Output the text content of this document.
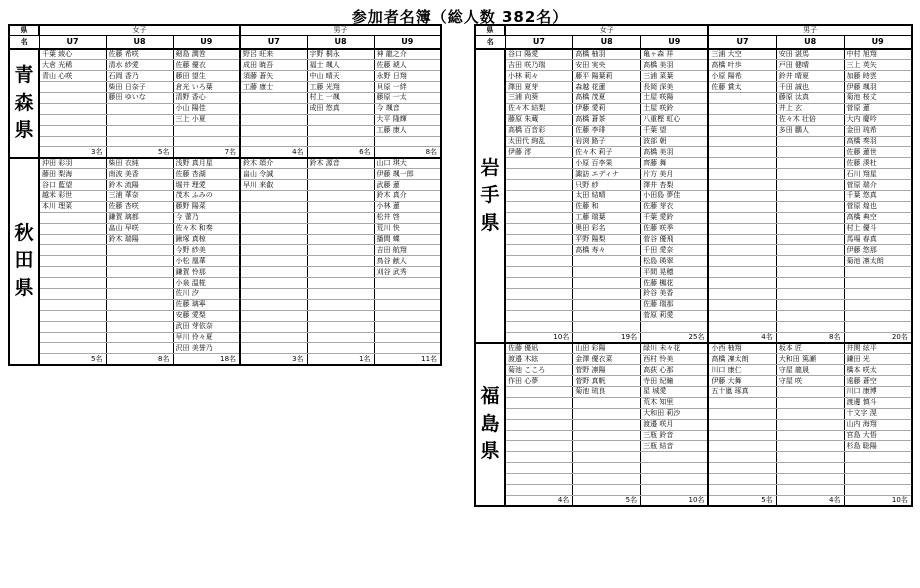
参加者名簿（総人数 382名）
県	女子			男子		
名	U7	U8	U9	U7	U8	U9
青森県	千葉 綾心	佐藤 希咲	剱島 潤巻	野呂 旺来	宇野 桐永	神 龍之介
	大倉 光稀	清水 紗愛	佐藤 優衣	成田 暁吾	福士 颯人	佐藤 琥人
	青山 心咲	石岡 香乃	藤田 望生	須藤 蒼矢	中山 晴天	永野 日翔
		柴田 日奈子	倉光 いろ葉	工藤 康士	工藤 光翔	貝原 一絆
		藤田 ゆいな	清野 香心		村上 一颯	藤原 一太
			小山 陽佳		成田 悠真	今 颯音
			三上 小夏			大平 隆輝
						工藤 康人

	3名	5名	7名	4名	6名	8名
秋田県	沖田 彩羽	柴田 衣純	浅野 真月星	鈴木 頌介	鈴木 源音	山口 琪大
	藤田 梨海	南波 美香	佐藤 杏湖	畠山 令誠		伊藤 颯一郎
	谷口 藍望	鈴木 流陽	堀井 理愛	早川 来叡		武藤 蓮
	越米 彩世	三浦 華奈	茂木 ふみの			鈴木 真介
	本川 理菜	佐藤 杏咲	藤野 陽菜			小林 蓮
		鎌賀 璃都	今 蕾乃			松井 啓
		畠山 早咲	佐々木 和奏			荒川 快
		鈴木 瑞陽	鍬塚 真椋			播間 蝶
			今野 紗美			吉田 航翔
			小松 凰華			鳥谷 献人
			鎌賀 怜那			刈谷 武秀
			小泉 温椛			
			佐川 汐			
			佐藤 璃寧			
			安藤 愛梨			
			武田 芽依奈			
			早川 伶々夏			
			沢田 美誉乃			
	5名	8名	18名	3名	1名	11名
県	女子			男子		
名	U7	U8	U9	U7	U8	U9
岩手県	谷口 陽愛	高橋 柚羽	亀ヶ森 祥	三浦 大空	安田 湛馬	中村 旭翔
	吉田 咲乃瑞	安田 実央	高橋 美羽	高橋 叶歩	戸田 健晴	三上 英矢
	小林 莉々	藤平 陽葉莉	三浦 菜葉	小原 陽希	鈴井 晴夏	加藤 時雲
	澤田 夏芽	森越 花蓮	長岡 深美	佐藤 賞太	千田 誠也	伊藤 颯羽
	三浦 向葵	高橋 茂夏	土屋 咲陽		藤原 汰真	菊池 桜丈
	佐々木 結梨	伊藤 愛莉	土屋 咲鈴		井上 玄	菅原 蓮
	藤原 朱蔵	高橋 蒼茶	八重樫 虹心		佐々木 壮倍	大内 慶吟
	高橋 百音彩	佐藤 李琲	千葉 望		多田 鵬人	金田 琉希
	太田代 絢乱	岩渕 路子	波部 朝			高橋 奏羽
	伊藤 澪	佐々木 莉子	高橋 美羽			佐藤 蓮世
		小原 百李果	齊藤 舞			佐藤 湊杜
		諏訪 エディナ	片方 美月			石川 翔星
		只野 紗	澤井 杏梨			菅原 瑞介
		太田 結晴	小田島 夢佳			千葉 悠真
		佐藤 和	佐藤 芽衣			菅原 煌也
		工藤 瑞葉	千葉 愛鈴			高橋 典空
		奥田 彩名	佐藤 咲季			村上 優斗
		平野 陽梨	菅谷 優飛			馬場 春真
		高橋 寿々	千田 愛奈			伊藤 悠那
			松島 瑛翠			菊池 凛太朗
			平間 晃穂			
			佐藤 楓花			
			鈴谷 美香			
			佐藤 瑞那			
			菅原 莉愛			

	10名	19名	25名	4名	8名	20名
福島県	佐藤 優凪	山田 彩陽	緑川 未々花	小西 柚翔	坂本 匠	井関 絃平
	渡邉 木絃	金澤 優衣菜	西村 怜美	高橋 凜太朗	大和田 篤瀬	鎌田 光
	菊池 こころ	菅野 凛陽	高荻 心那	川口 康仁	守屋 龍晟	橋本 咲太
	作田 心夢	菅野 真帆	寺田 紀瞳	伊藤 大舞	守屋 咲	遠藤 蒼空
		菊池 琉良	星 城愛	五十嵐 琢真		川口 康博
			荒木 知里			渡邊 慎斗
			大和田 莉沙			十文字 滉
			渡邉 咲月			山内 海翔
			三瓶 鈴音			宮島 大悟
			三瓶 結音			杉島 聡陽

	4名	5名	10名	5名	4名	10名
